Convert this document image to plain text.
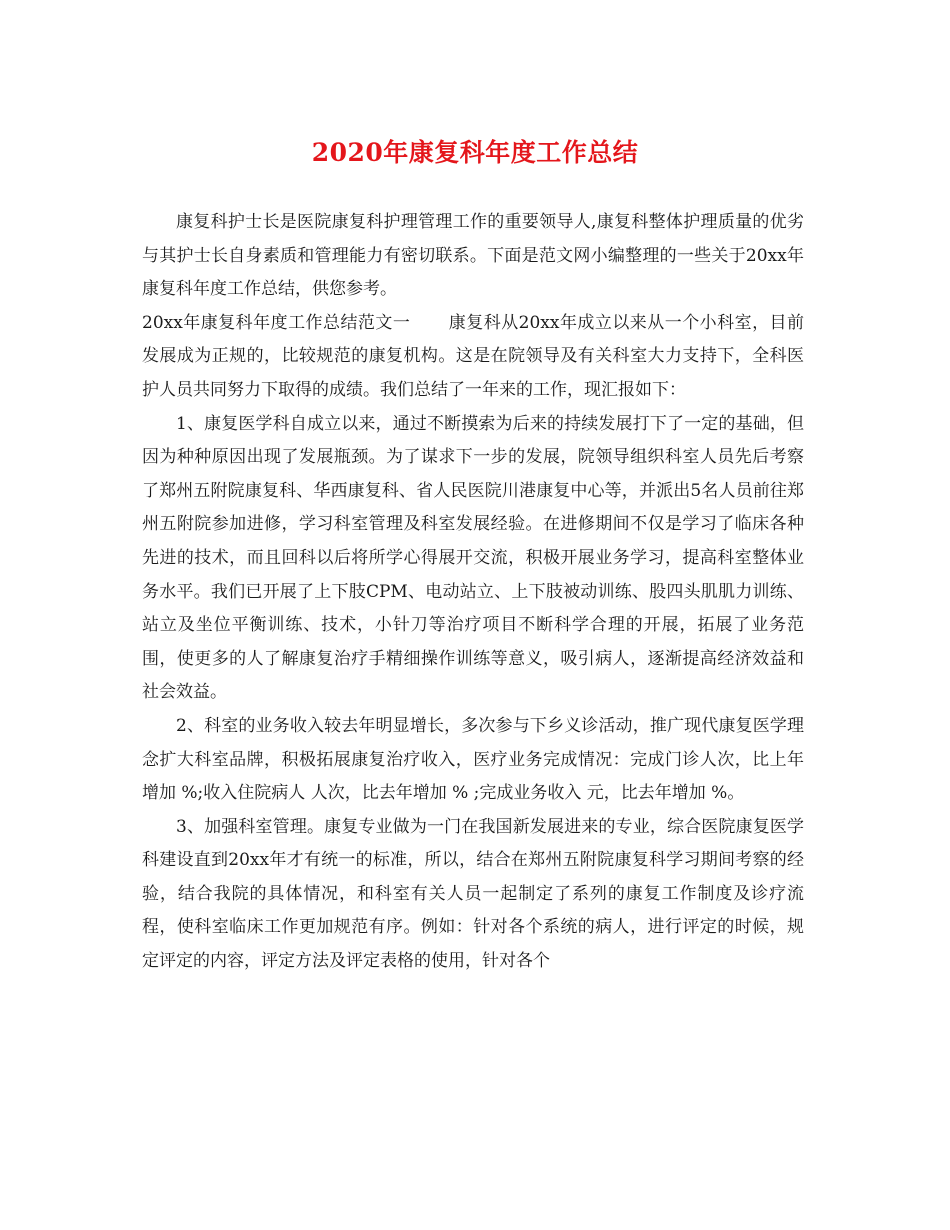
2020年康复科年度工作总结

康复科护士长是医院康复科护理管理工作的重要领导人,康复科整体护理质量的优劣与其护士长自身素质和管理能力有密切联系。下面是范文网小编整理的一些关于20xx年康复科年度工作总结，供您参考。

20xx年康复科年度工作总结范文一 康复科从20xx年成立以来从一个小科室，目前发展成为正规的，比较规范的康复机构。这是在院领导及有关科室大力支持下，全科医护人员共同努力下取得的成绩。我们总结了一年来的工作，现汇报如下：

1、康复医学科自成立以来，通过不断摸索为后来的持续发展打下了一定的基础，但因为种种原因出现了发展瓶颈。为了谋求下一步的发展，院领导组织科室人员先后考察了郑州五附院康复科、华西康复科、省人民医院川港康复中心等，并派出5名人员前往郑州五附院参加进修，学习科室管理及科室发展经验。在进修期间不仅是学习了临床各种先进的技术，而且回科以后将所学心得展开交流，积极开展业务学习，提高科室整体业务水平。我们已开展了上下肢CPM、电动站立、上下肢被动训练、股四头肌肌力训练、站立及坐位平衡训练、技术，小针刀等治疗项目不断科学合理的开展，拓展了业务范围，使更多的人了解康复治疗手精细操作训练等意义，吸引病人，逐渐提高经济效益和社会效益。

2、科室的业务收入较去年明显增长，多次参与下乡义诊活动，推广现代康复医学理念扩大科室品牌，积极拓展康复治疗收入，医疗业务完成情况：完成门诊人次，比上年增加 %;收入住院病人 人次，比去年增加 % ;完成业务收入 元，比去年增加 %。

3、加强科室管理。康复专业做为一门在我国新发展进来的专业，综合医院康复医学科建设直到20xx年才有统一的标准，所以，结合在郑州五附院康复科学习期间考察的经验，结合我院的具体情况，和科室有关人员一起制定了系列的康复工作制度及诊疗流程，使科室临床工作更加规范有序。例如：针对各个系统的病人，进行评定的时候，规定评定的内容，评定方法及评定表格的使用，针对各个
